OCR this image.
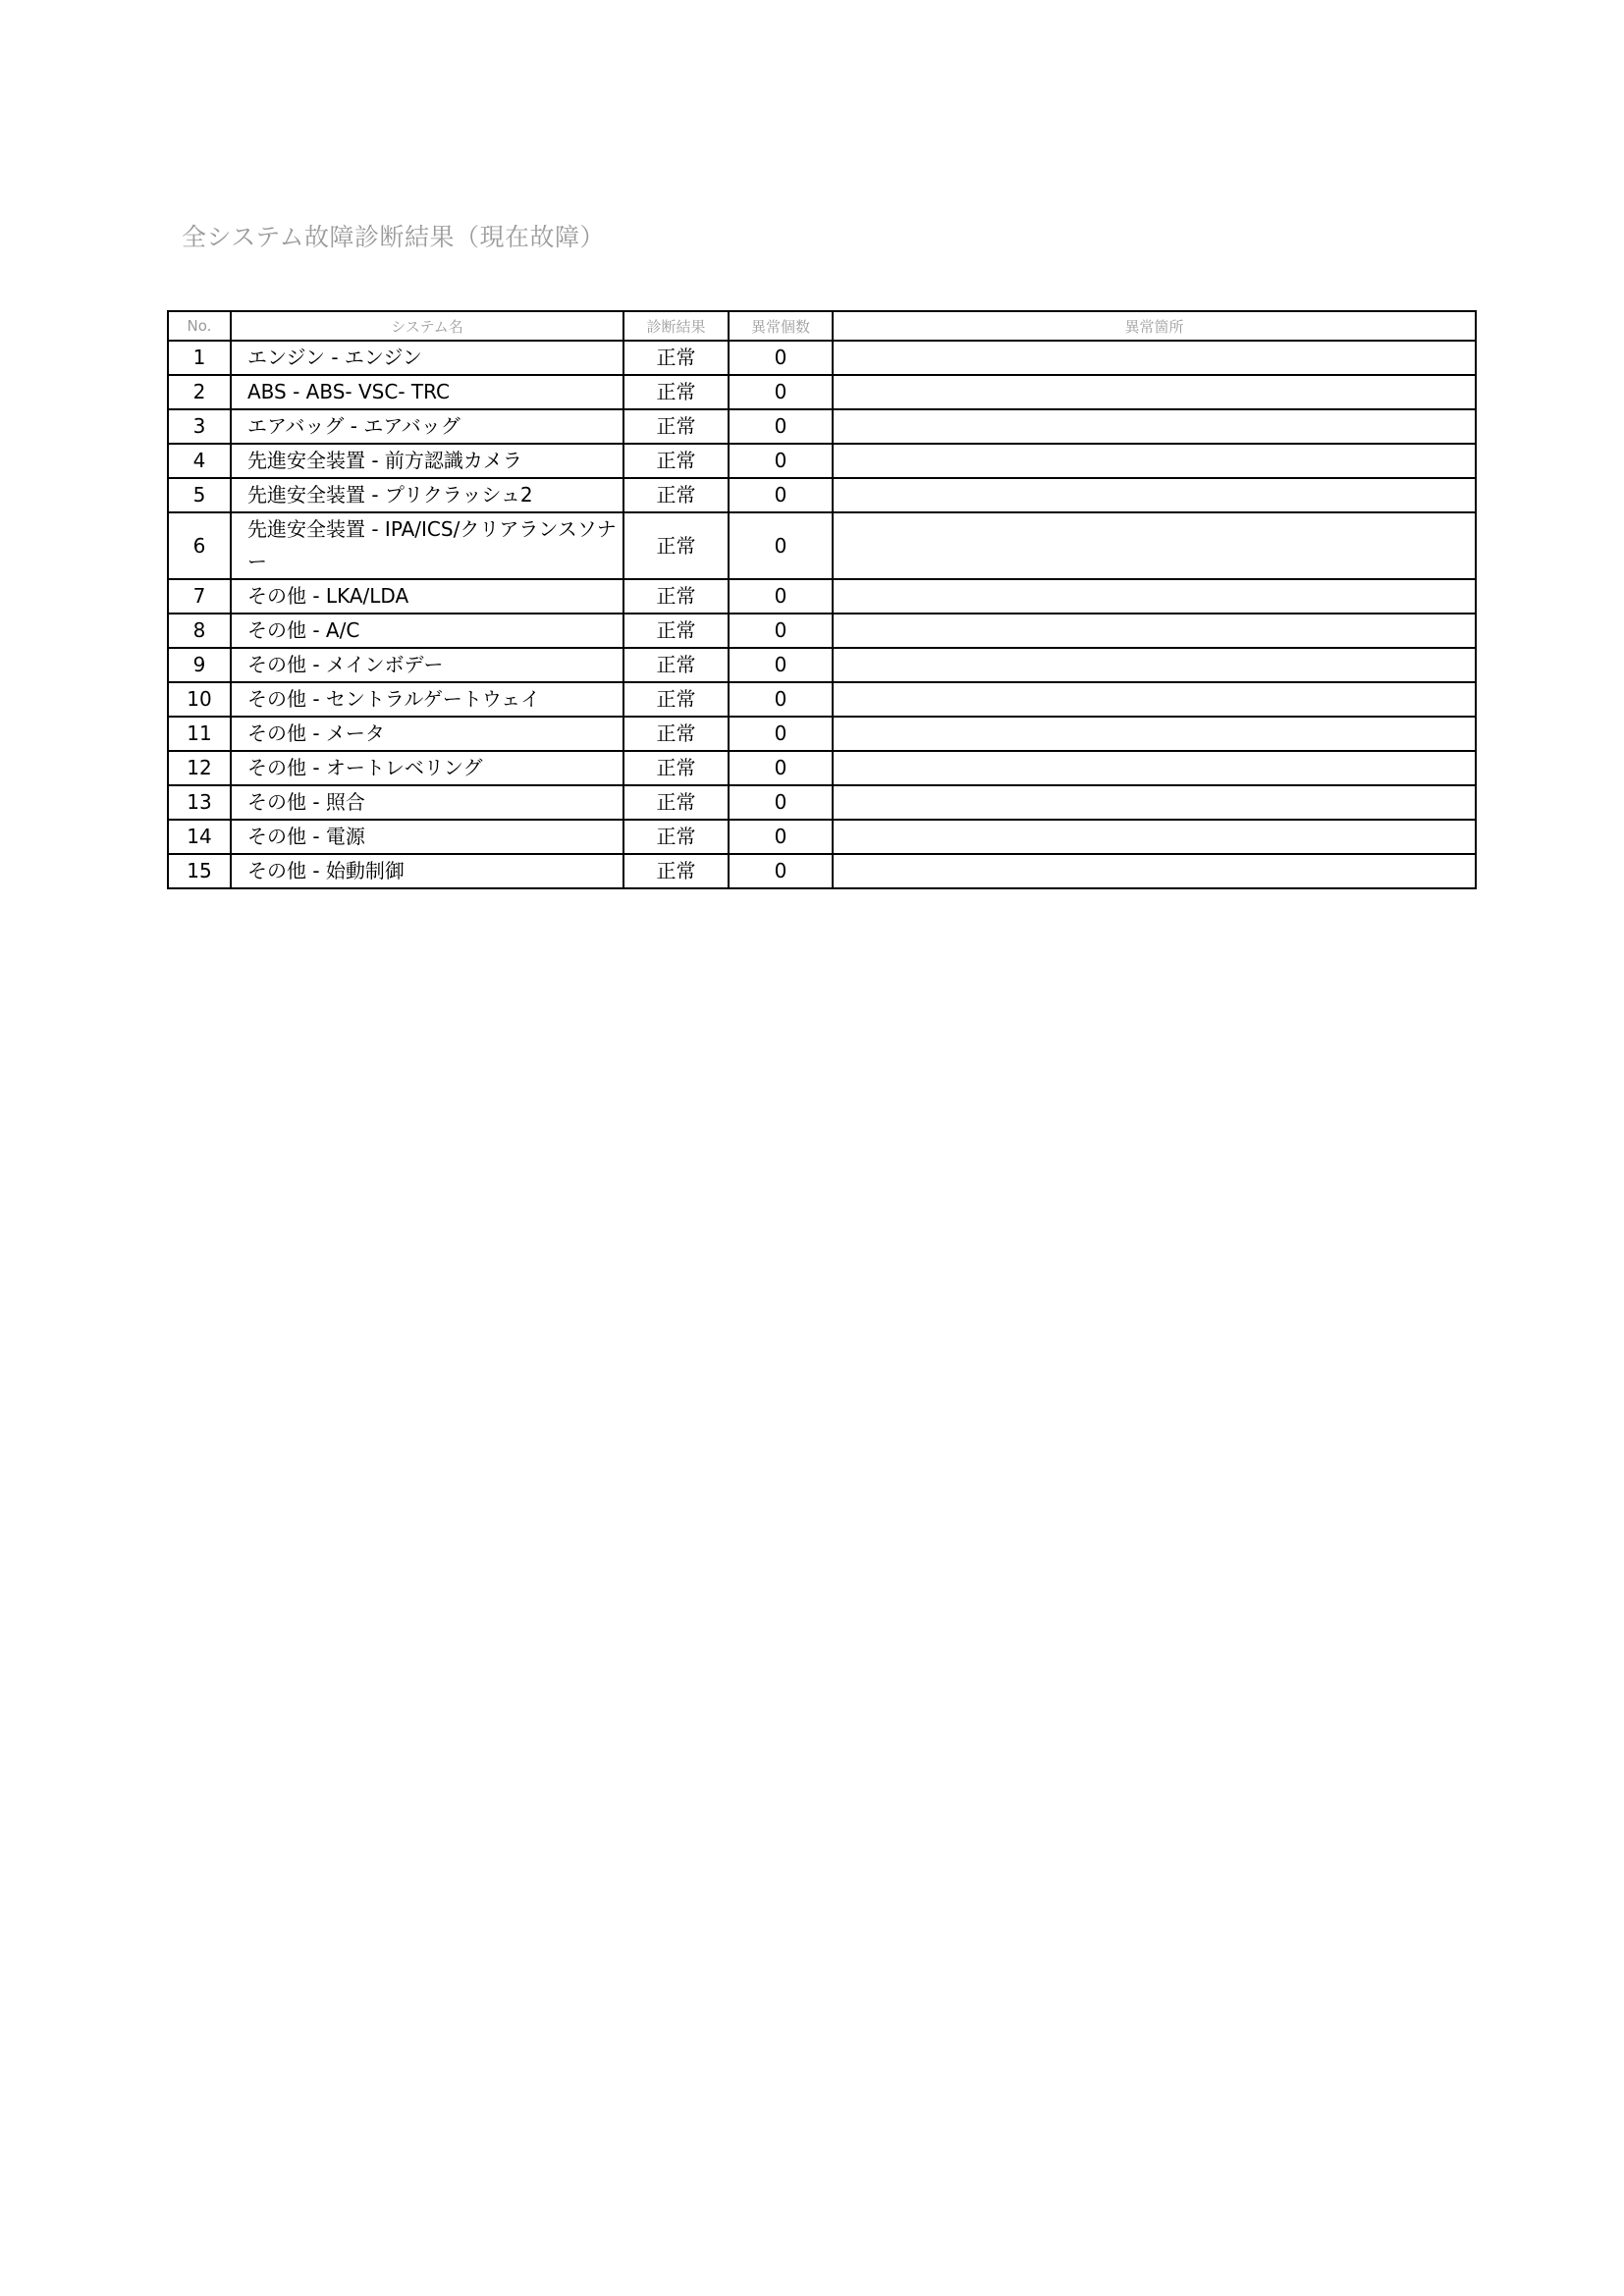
全システム故障診断結果（現在故障）
No.	システム名	診断結果	異常個数	異常箇所
1	エンジン - エンジン	正常	0	
2	ABS - ABS- VSC- TRC	正常	0	
3	エアバッグ - エアバッグ	正常	0	
4	先進安全装置 - 前方認識カメラ	正常	0	
5	先進安全装置 - プリクラッシュ2	正常	0	
6	先進安全装置 - IPA/ICS/クリアランスソナー	正常	0	
7	その他 - LKA/LDA	正常	0	
8	その他 - A/C	正常	0	
9	その他 - メインボデー	正常	0	
10	その他 - セントラルゲートウェイ	正常	0	
11	その他 - メータ	正常	0	
12	その他 - オートレベリング	正常	0	
13	その他 - 照合	正常	0	
14	その他 - 電源	正常	0	
15	その他 - 始動制御	正常	0	
